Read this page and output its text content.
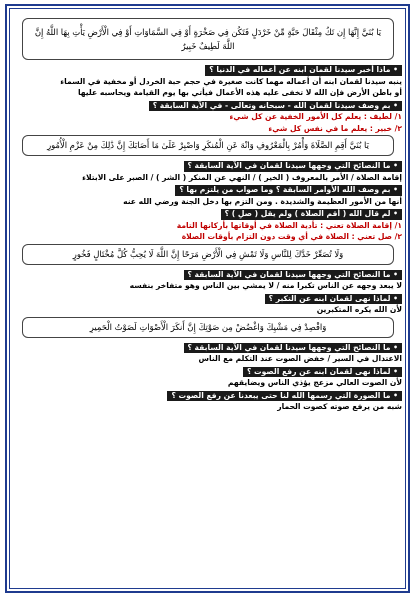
يَا بُنَيَّ إِنَّهَا إِن تَكُ مِثْقَالَ حَبَّةٍ مِّنْ خَرْدَلٍ فَتَكُن فِي صَخْرَةٍ أَوْ فِي السَّمَاوَاتِ أَوْ فِي الْأَرْضِ يَأْتِ بِهَا اللَّهُ إِنَّ اللَّهَ لَطِيفٌ خَبِيرٌ
• ماذا أخبر سيدنا لقمان ابنه عن أعماله في الدنيا ؟
ينبه سيدنا لقمان ابنه أن أعماله مهما كانت صغيرة في حجم حبة الخردل أو مخفية في السماء
أو باطن الأرض فإن الله لا تخفى عليه هذه الأعمال فيأتي بها يوم القيامة ويحاسبه عليها
• بم وصف سيدنا لقمان الله - سبحانه وتعالى - في الآية السابقة ؟
١/ لطيف : يعلم كل الأمور الخفية عن كل شيء
٢/ خبير : يعلم ما في نفس كل شيء
يَا بُنَيَّ أَقِمِ الصَّلَاةَ وَأْمُرْ بِالْمَعْرُوفِ وَانْهَ عَنِ الْمُنكَرِ وَاصْبِرْ عَلَىٰ مَا أَصَابَكَ إِنَّ ذَٰلِكَ مِنْ عَزْمِ الْأُمُورِ
• ما النصائح التي وجهها سيدنا لقمان في الآية السابقة ؟
إقامة الصلاة / الأمر بالمعروف ( الخير ) / النهي عن المنكر ( الشر ) / الصبر على الابتلاء
• بم وصف الله الأوامر السابقة ؟ وما صواب من يلتزم بها ؟
أنها من الأمور العظيمة والشديدة . ومن التزم بها دخل الجنة ورضي الله عنه
• لم قال الله ( أقم الصلاة ) ولم يقل ( صلِ ) ؟
١/ إقامة الصلاة تعني : تأدية الصلاة في أوقاتها بأركانها التامة
٢/ صل تعني : الصلاة في أي وقت دون التزام بأوقات الصلاة
وَلَا تُصَعِّرْ خَدَّكَ لِلنَّاسِ وَلَا تَمْشِ فِي الْأَرْضِ مَرَحًا إِنَّ اللَّهَ لَا يُحِبُّ كُلَّ مُخْتَالٍ فَخُورٍ
• ما النصائح التي وجهها سيدنا لقمان في الآية السابقة ؟
لا يبعد وجهه عن الناس تكبرا منه / لا يمشي بين الناس وهو متفاخر بنفسه
• لماذا نهى لقمان ابنه عن التكبر ؟
لأن الله يكره المتكبرين
وَاقْصِدْ فِي مَشْيِكَ وَاغْضُضْ مِن صَوْتِكَ إِنَّ أَنكَرَ الْأَصْوَاتِ لَصَوْتُ الْحَمِيرِ
• ما النصائح التي وجهها سيدنا لقمان في الآية السابقة ؟
الاعتدال في السير / خفض الصوت عند التكلم مع الناس
• لماذا نهى لقمان ابنه عن رفع الصوت ؟
لأن الصوت العالي مزعج يؤذي الناس ويضايقهم
• ما الصورة التي رسمها الله لنا حتى يبعدنا عن رفع الصوت ؟
شبه من يرفع صوته كصوت الحمار
